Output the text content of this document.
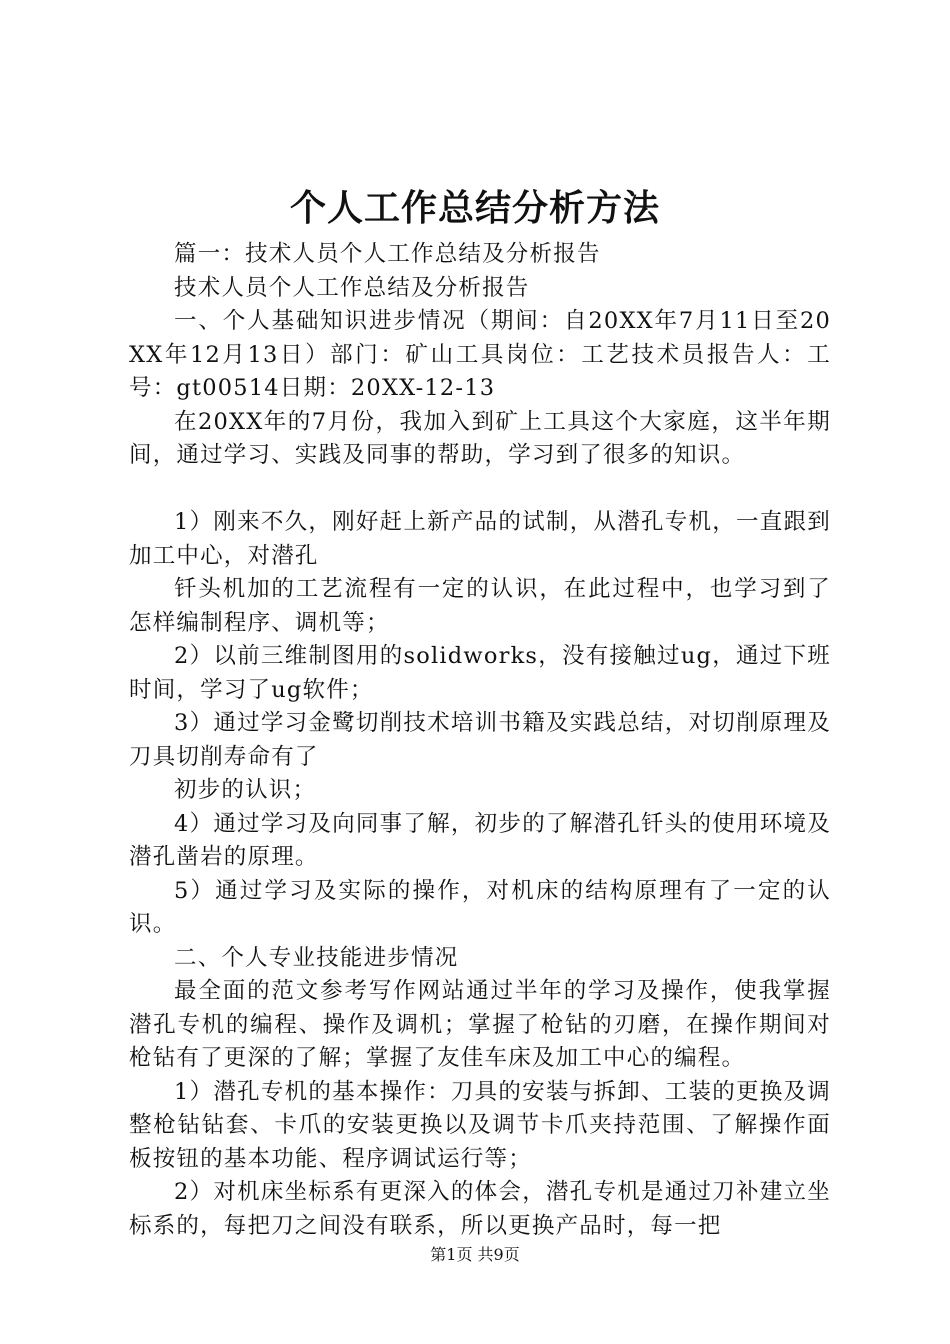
个人工作总结分析方法

篇一：技术人员个人工作总结及分析报告

技术人员个人工作总结及分析报告

一、个人基础知识进步情况（期间：自20XX年7月11日至20XX年12月13日）部门：矿山工具岗位：工艺技术员报告人：工号：gt00514日期：20XX-12-13

在20XX年的7月份，我加入到矿上工具这个大家庭，这半年期间，通过学习、实践及同事的帮助，学习到了很多的知识。

1）刚来不久，刚好赶上新产品的试制，从潜孔专机，一直跟到加工中心，对潜孔

钎头机加的工艺流程有一定的认识，在此过程中，也学习到了怎样编制程序、调机等；

2）以前三维制图用的solidworks，没有接触过ug，通过下班时间，学习了ug软件；

3）通过学习金鹭切削技术培训书籍及实践总结，对切削原理及刀具切削寿命有了

初步的认识；

4）通过学习及向同事了解，初步的了解潜孔钎头的使用环境及潜孔凿岩的原理。

5）通过学习及实际的操作，对机床的结构原理有了一定的认识。

二、个人专业技能进步情况

最全面的范文参考写作网站通过半年的学习及操作，使我掌握潜孔专机的编程、操作及调机；掌握了枪钻的刃磨，在操作期间对枪钻有了更深的了解；掌握了友佳车床及加工中心的编程。

1）潜孔专机的基本操作：刀具的安装与拆卸、工装的更换及调整枪钻钻套、卡爪的安装更换以及调节卡爪夹持范围、了解操作面板按钮的基本功能、程序调试运行等；

2）对机床坐标系有更深入的体会，潜孔专机是通过刀补建立坐标系的，每把刀之间没有联系，所以更换产品时，每一把

第1页 共9页
